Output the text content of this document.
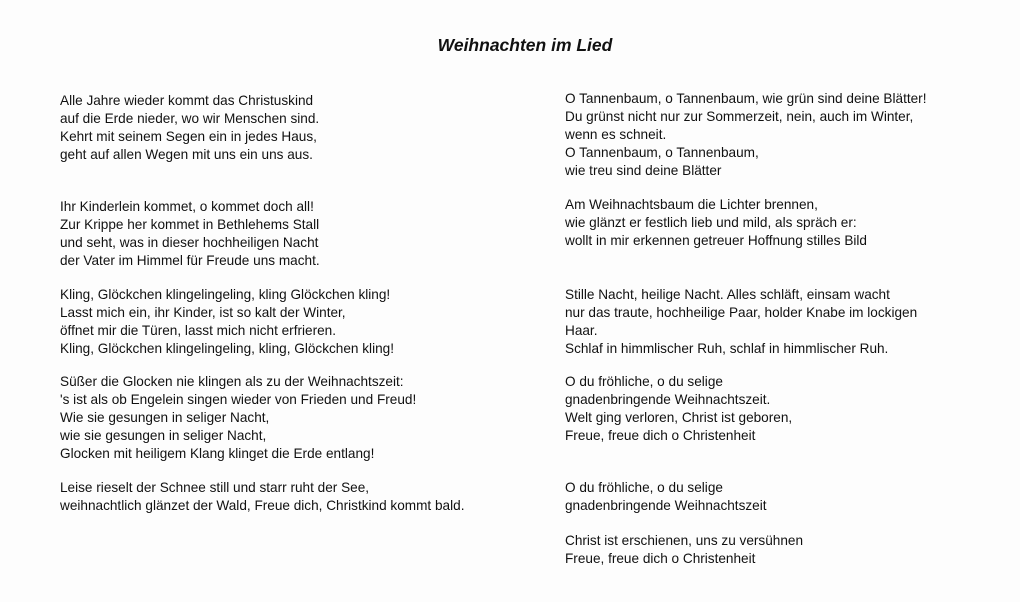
Weihnachten im Lied
Alle Jahre wieder kommt das Christuskind
auf die Erde nieder, wo wir Menschen sind.
Kehrt mit seinem Segen ein in jedes Haus,
geht auf allen Wegen mit uns ein uns aus.
Ihr Kinderlein kommet, o kommet doch all!
Zur Krippe her kommet in Bethlehems Stall
und seht, was in dieser hochheiligen Nacht
der Vater im Himmel für Freude uns macht.
Kling, Glöckchen klingelingeling, kling Glöckchen kling!
Lasst mich ein, ihr Kinder, ist so kalt der Winter,
öffnet mir die Türen, lasst mich nicht erfrieren.
Kling, Glöckchen klingelingeling, kling, Glöckchen kling!
Süßer die Glocken nie klingen als zu der Weihnachtszeit:
's ist als ob Engelein singen wieder von Frieden und Freud!
Wie sie gesungen in seliger Nacht,
wie sie gesungen in seliger Nacht,
Glocken mit heiligem Klang klinget die Erde entlang!
Leise rieselt der Schnee still und starr ruht der See,
weihnachtlich glänzet der Wald, Freue dich, Christkind kommt bald.
O Tannenbaum, o Tannenbaum, wie grün sind deine Blätter!
Du grünst nicht nur zur Sommerzeit, nein, auch im Winter,
wenn es schneit.
O Tannenbaum, o Tannenbaum,
wie treu sind deine Blätter
Am Weihnachtsbaum die Lichter brennen,
wie glänzt er festlich lieb und mild, als spräch er:
wollt in mir erkennen getreuer Hoffnung stilles Bild
Stille Nacht, heilige Nacht. Alles schläft, einsam wacht
nur das traute, hochheilige Paar, holder Knabe im lockigen
Haar.
Schlaf in himmlischer Ruh, schlaf in himmlischer Ruh.
O du fröhliche, o du selige
gnadenbringende Weihnachtszeit.
Welt ging verloren, Christ ist geboren,
Freue, freue dich o Christenheit
O du fröhliche, o du selige
gnadenbringende Weihnachtszeit
Christ ist erschienen, uns zu versühnen
Freue, freue dich o Christenheit
